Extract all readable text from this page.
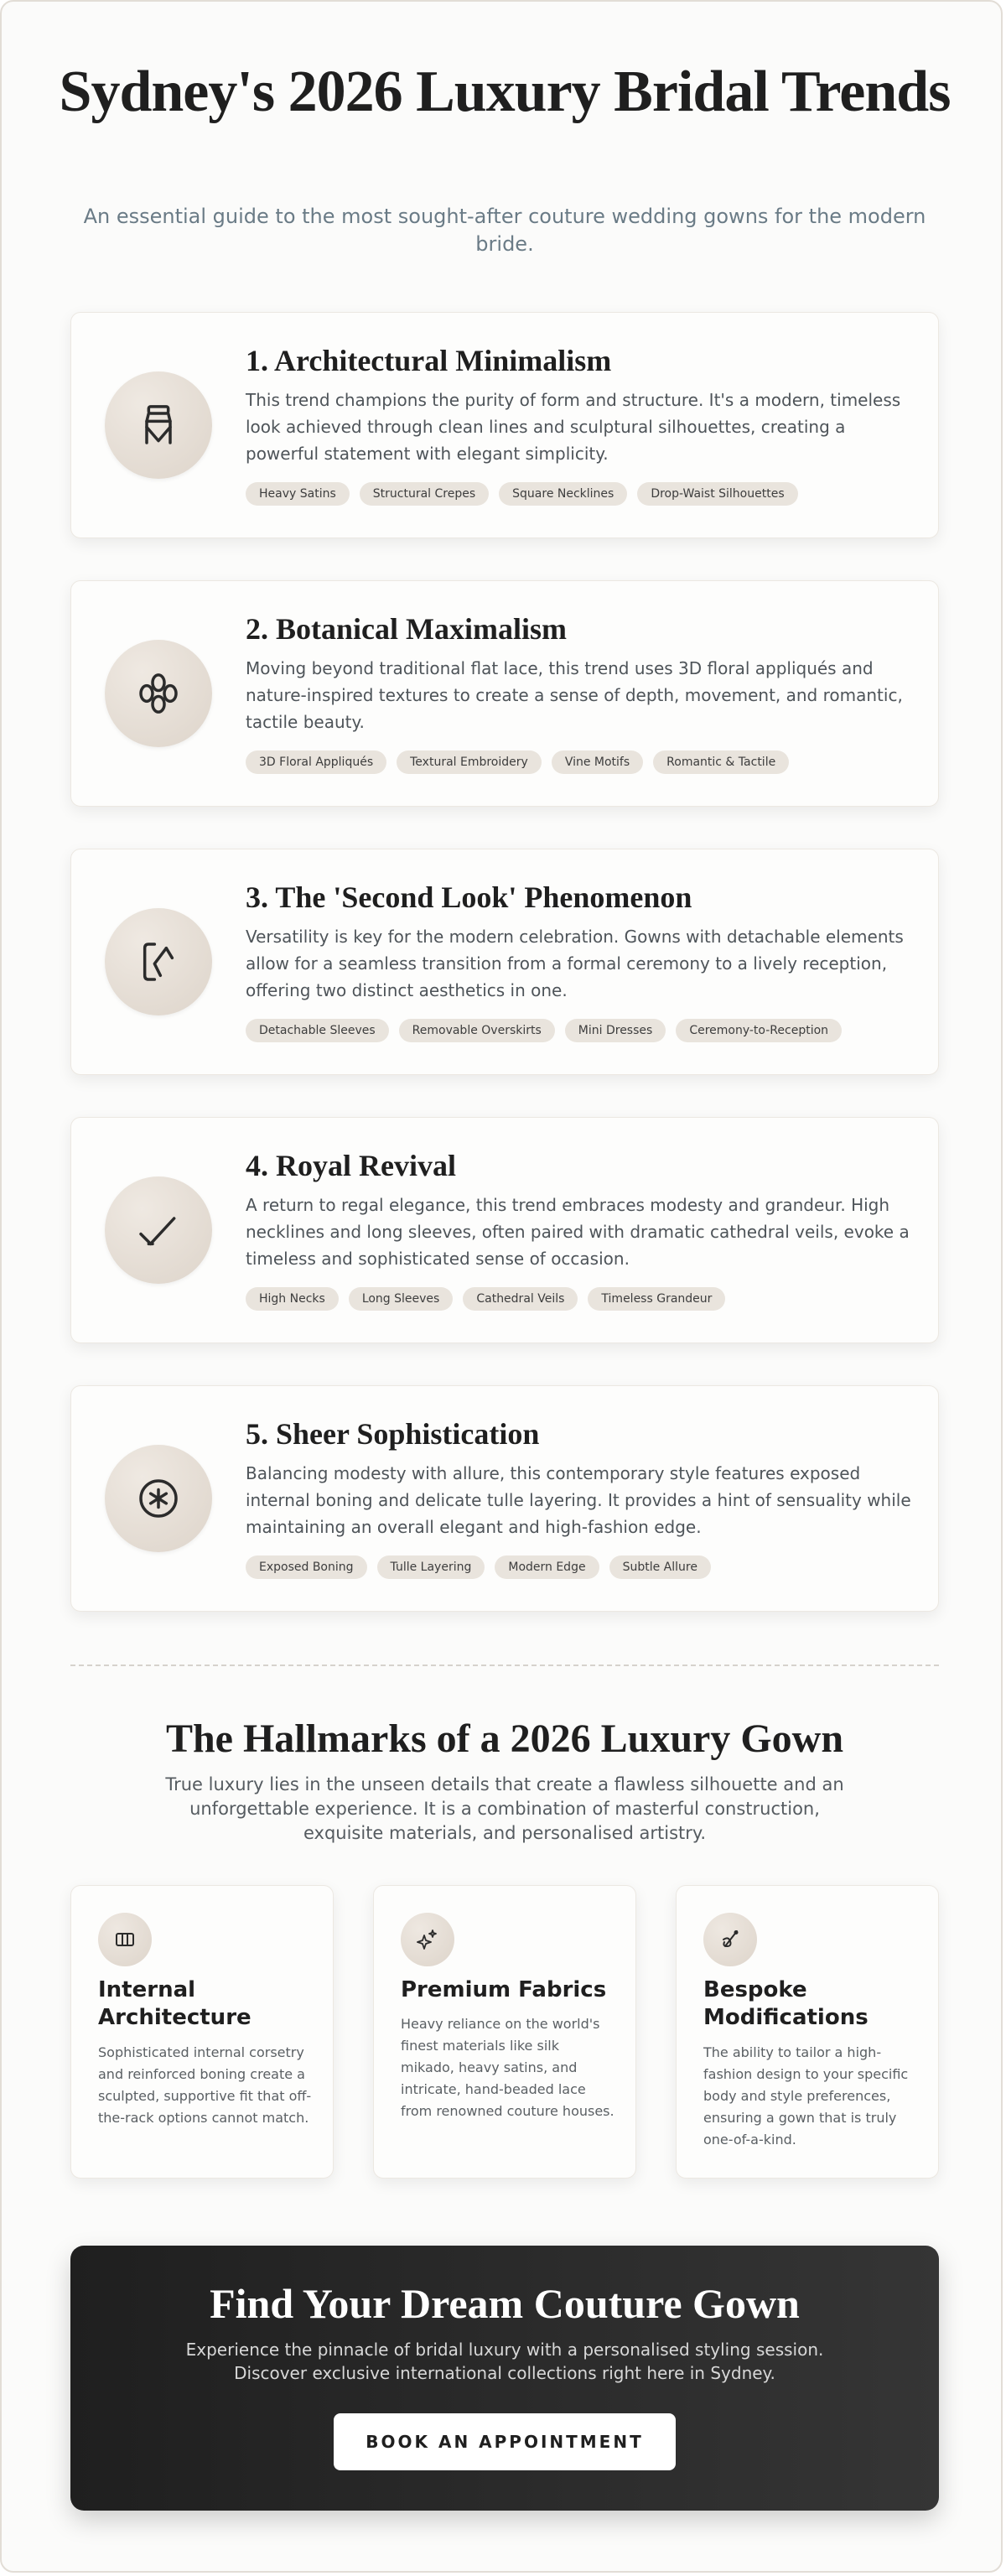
Sydney's 2026 Luxury Bridal Trends

An essential guide to the most sought-after couture wedding gowns for the modern bride.

1. Architectural Minimalism

This trend champions the purity of form and structure. It's a modern, timeless look achieved through clean lines and sculptural silhouettes, creating a powerful statement with elegant simplicity.

Heavy Satins	Structural Crepes	Square Necklines	Drop-Waist Silhouettes
2. Botanical Maximalism

Moving beyond traditional flat lace, this trend uses 3D floral appliqués and nature-inspired textures to create a sense of depth, movement, and romantic, tactile beauty.

3D Floral Appliqués	Textural Embroidery	Vine Motifs	Romantic & Tactile
3. The 'Second Look' Phenomenon

Versatility is key for the modern celebration. Gowns with detachable elements allow for a seamless transition from a formal ceremony to a lively reception, offering two distinct aesthetics in one.

Detachable Sleeves	Removable Overskirts	Mini Dresses	Ceremony-to-Reception
4. Royal Revival

A return to regal elegance, this trend embraces modesty and grandeur. High necklines and long sleeves, often paired with dramatic cathedral veils, evoke a timeless and sophisticated sense of occasion.

High Necks	Long Sleeves	Cathedral Veils	Timeless Grandeur
5. Sheer Sophistication

Balancing modesty with allure, this contemporary style features exposed internal boning and delicate tulle layering. It provides a hint of sensuality while maintaining an overall elegant and high-fashion edge.

Exposed Boning	Tulle Layering	Modern Edge	Subtle Allure
The Hallmarks of a 2026 Luxury Gown

True luxury lies in the unseen details that create a flawless silhouette and an unforgettable experience. It is a combination of masterful construction, exquisite materials, and personalised artistry.

Internal Architecture

Sophisticated internal corsetry and reinforced boning create a sculpted, supportive fit that off-the-rack options cannot match.

Premium Fabrics

Heavy reliance on the world's finest materials like silk mikado, heavy satins, and intricate, hand-beaded lace from renowned couture houses.

Bespoke Modifications

The ability to tailor a high-fashion design to your specific body and style preferences, ensuring a gown that is truly one-of-a-kind.

Find Your Dream Couture Gown

Experience the pinnacle of bridal luxury with a personalised styling session. Discover exclusive international collections right here in Sydney.

BOOK AN APPOINTMENT
